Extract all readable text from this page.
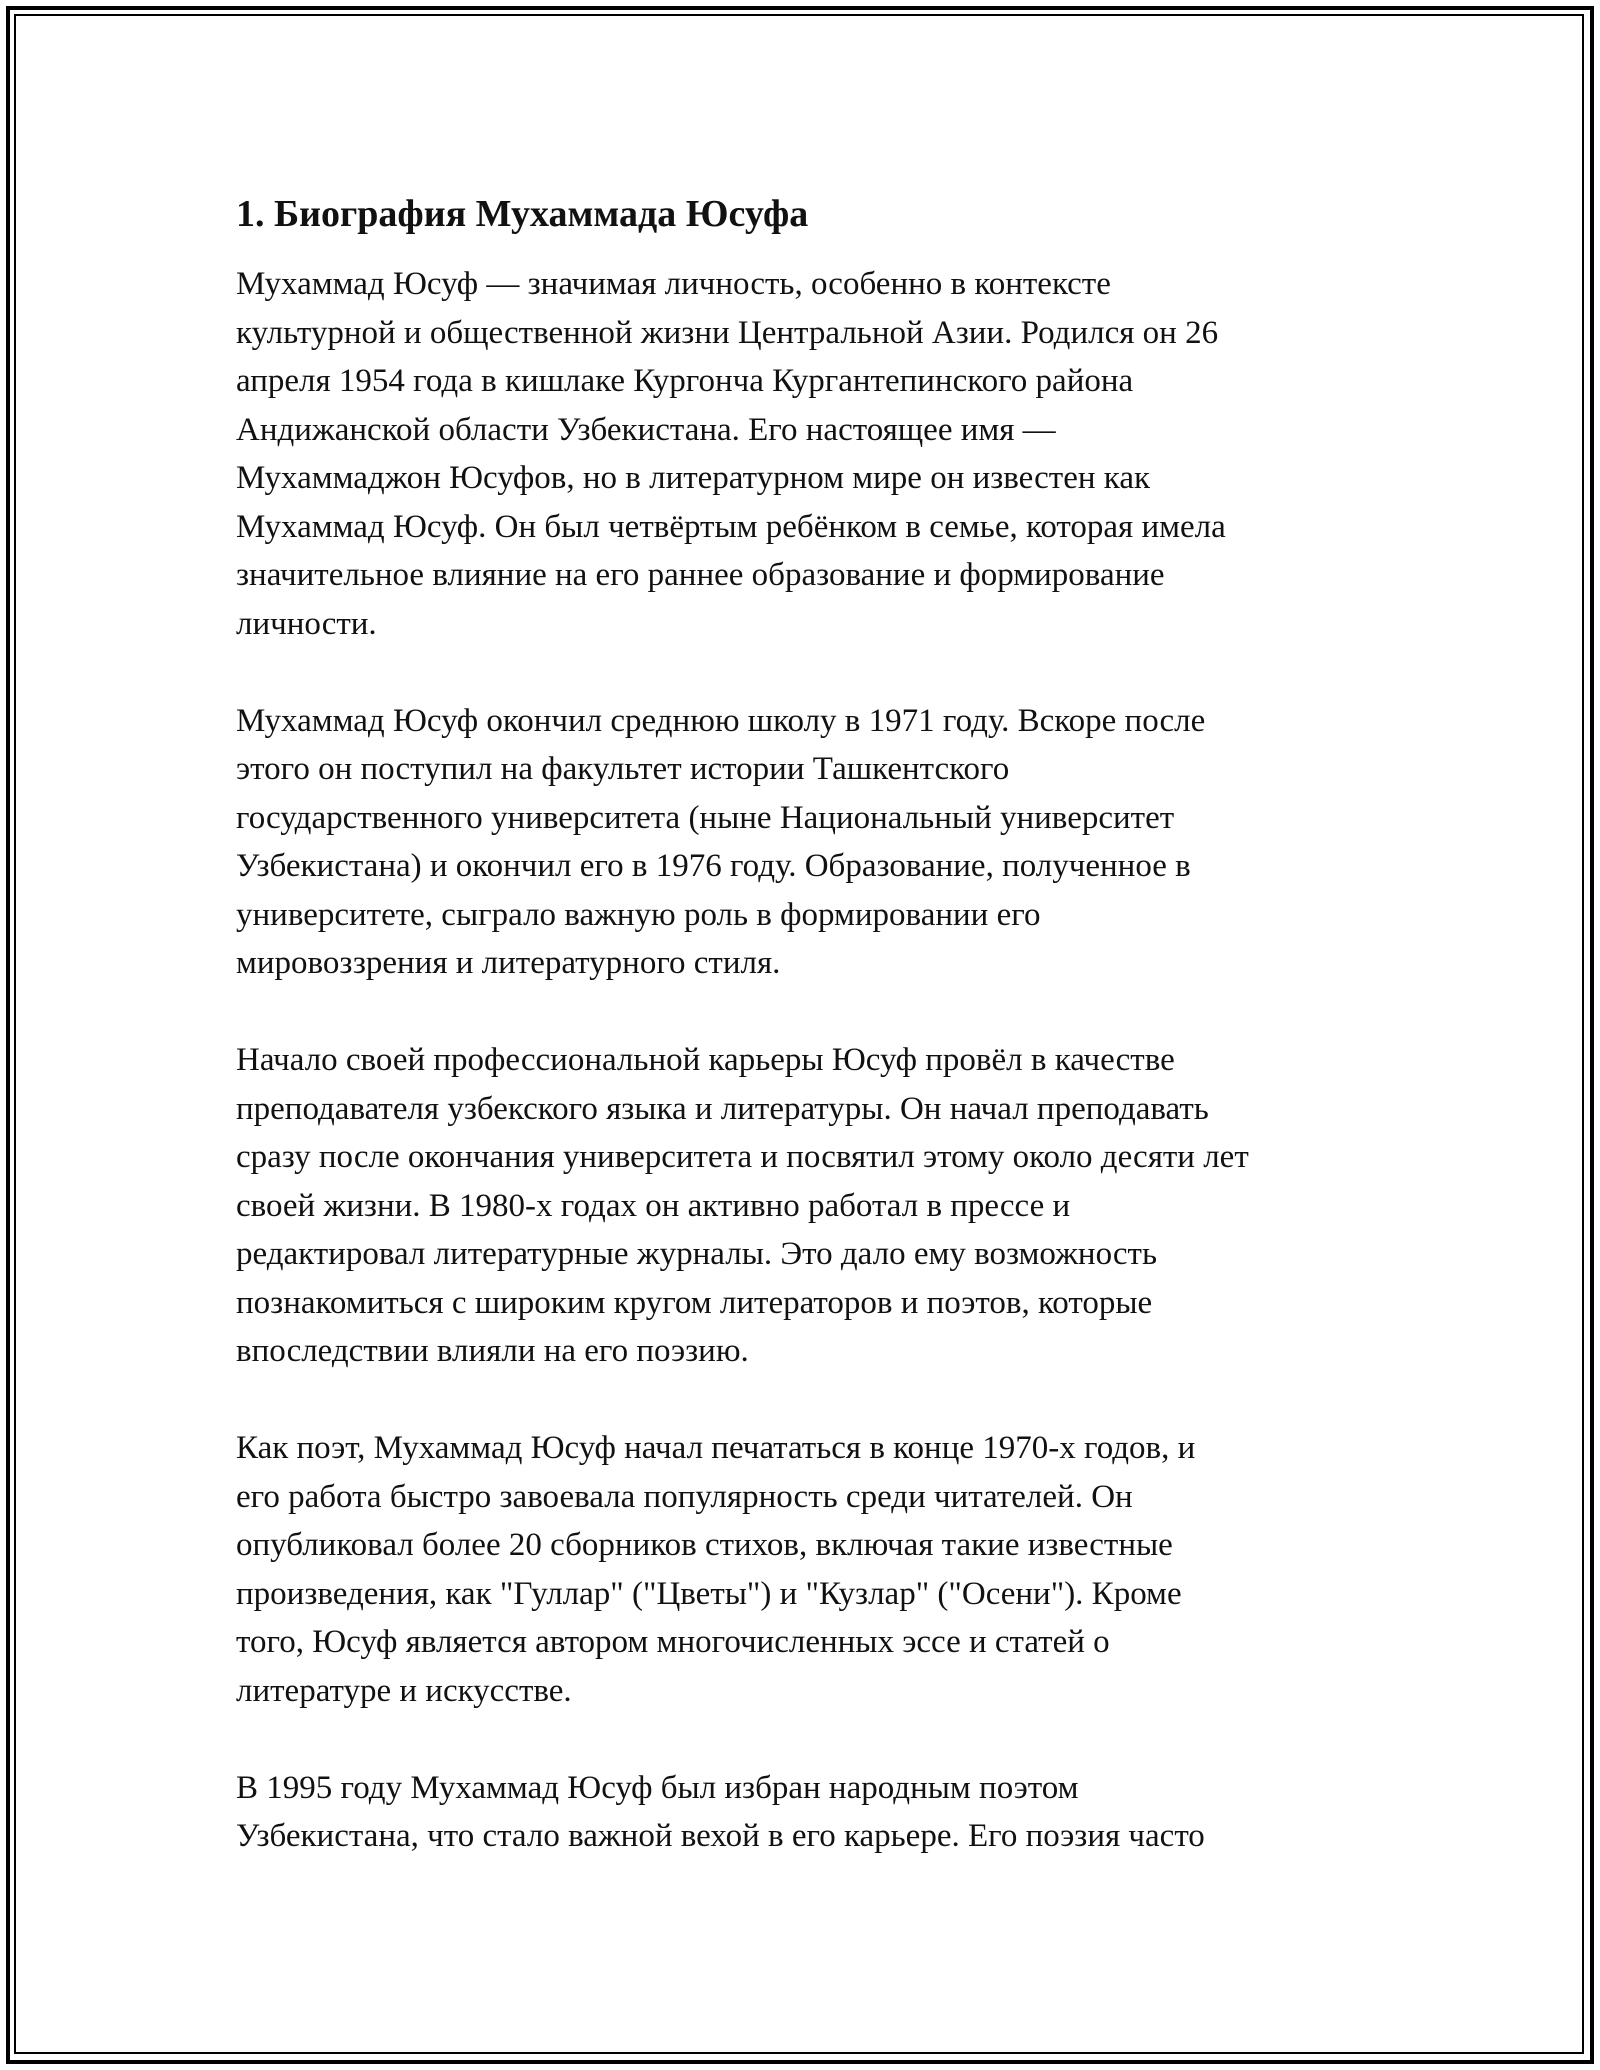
1. Биография Мухаммада Юсуфа

Мухаммад Юсуф — значимая личность, особенно в контексте
культурной и общественной жизни Центральной Азии. Родился он 26
апреля 1954 года в кишлаке Кургонча Кургантепинского района
Андижанской области Узбекистана. Его настоящее имя —
Мухаммаджон Юсуфов, но в литературном мире он известен как
Мухаммад Юсуф. Он был четвёртым ребёнком в семье, которая имела
значительное влияние на его раннее образование и формирование
личности.

Мухаммад Юсуф окончил среднюю школу в 1971 году. Вскоре после
этого он поступил на факультет истории Ташкентского
государственного университета (ныне Национальный университет
Узбекистана) и окончил его в 1976 году. Образование, полученное в
университете, сыграло важную роль в формировании его
мировоззрения и литературного стиля.

Начало своей профессиональной карьеры Юсуф провёл в качестве
преподавателя узбекского языка и литературы. Он начал преподавать
сразу после окончания университета и посвятил этому около десяти лет
своей жизни. В 1980-х годах он активно работал в прессе и
редактировал литературные журналы. Это дало ему возможность
познакомиться с широким кругом литераторов и поэтов, которые
впоследствии влияли на его поэзию.

Как поэт, Мухаммад Юсуф начал печататься в конце 1970-х годов, и
его работа быстро завоевала популярность среди читателей. Он
опубликовал более 20 сборников стихов, включая такие известные
произведения, как "Гуллар" ("Цветы") и "Кузлар" ("Осени"). Кроме
того, Юсуф является автором многочисленных эссе и статей о
литературе и искусстве.

В 1995 году Мухаммад Юсуф был избран народным поэтом
Узбекистана, что стало важной вехой в его карьере. Его поэзия часто
